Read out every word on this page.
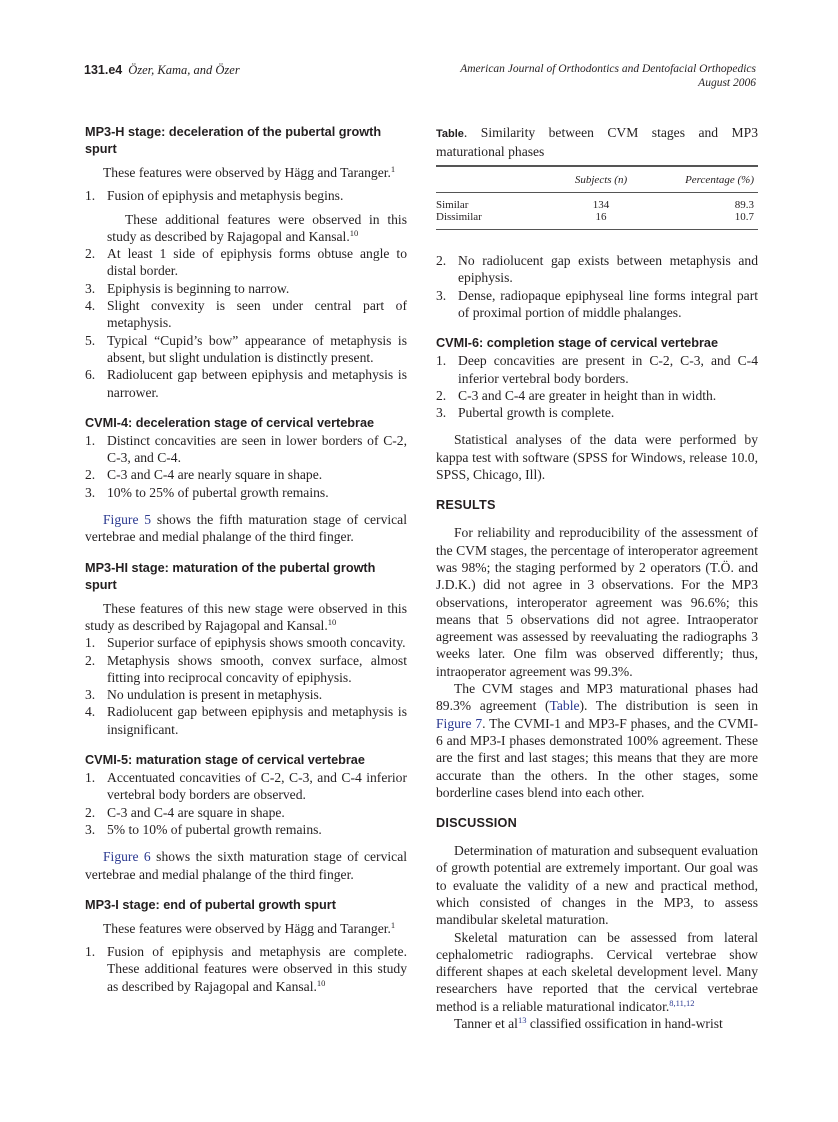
131.e4 Özer, Kama, and Özer	American Journal of Orthodontics and Dentofacial Orthopedics
August 2006
MP3-H stage: deceleration of the pubertal growth spurt

These features were observed by Hägg and Taranger.$^1$

1. Fusion of epiphysis and metaphysis begins.

These additional features were observed in this study as described by Rajagopal and Kansal.$^{10}$

2. At least 1 side of epiphysis forms obtuse angle to distal border.
3. Epiphysis is beginning to narrow.
4. Slight convexity is seen under central part of metaphysis.
5. Typical “Cupid’s bow” appearance of metaphysis is absent, but slight undulation is distinctly present.
6. Radiolucent gap between epiphysis and metaphysis is narrower.
CVMI-4: deceleration stage of cervical vertebrae
1. Distinct concavities are seen in lower borders of C-2, C-3, and C-4.
2. C-3 and C-4 are nearly square in shape.
3. 10% to 25% of pubertal growth remains.

Figure 5 shows the fifth maturation stage of cervical vertebrae and medial phalange of the third finger.

MP3-HI stage: maturation of the pubertal growth spurt

These features of this new stage were observed in this study as described by Rajagopal and Kansal.$^{10}$

1. Superior surface of epiphysis shows smooth concavity.
2. Metaphysis shows smooth, convex surface, almost fitting into reciprocal concavity of epiphysis.
3. No undulation is present in metaphysis.
4. Radiolucent gap between epiphysis and metaphysis is insignificant.
CVMI-5: maturation stage of cervical vertebrae
1. Accentuated concavities of C-2, C-3, and C-4 inferior vertebral body borders are observed.
2. C-3 and C-4 are square in shape.
3. 5% to 10% of pubertal growth remains.

Figure 6 shows the sixth maturation stage of cervical vertebrae and medial phalange of the third finger.

MP3-I stage: end of pubertal growth spurt

These features were observed by Hägg and Taranger.$^1$

1. Fusion of epiphysis and metaphysis are complete. These additional features were observed in this study as described by Rajagopal and Kansal.$^{10}$

Table. Similarity between CVM stages and MP3 maturational phases

	Subjects (n)	Percentage (%)
Similar	134	89.3
Dissimilar	16	10.7
2. No radiolucent gap exists between metaphysis and epiphysis.
3. Dense, radiopaque epiphyseal line forms integral part of proximal portion of middle phalanges.
CVMI-6: completion stage of cervical vertebrae
1. Deep concavities are present in C-2, C-3, and C-4 inferior vertebral body borders.
2. C-3 and C-4 are greater in height than in width.
3. Pubertal growth is complete.

Statistical analyses of the data were performed by kappa test with software (SPSS for Windows, release 10.0, SPSS, Chicago, Ill).

RESULTS

For reliability and reproducibility of the assessment of the CVM stages, the percentage of interoperator agreement was 98%; the staging performed by 2 operators (T.Ö. and J.D.K.) did not agree in 3 observations. For the MP3 observations, interoperator agreement was 96.6%; this means that 5 observations did not agree. Intraoperator agreement was assessed by reevaluating the radiographs 3 weeks later. One film was observed differently; thus, intraoperator agreement was 99.3%.

The CVM stages and MP3 maturational phases had 89.3% agreement (Table). The distribution is seen in Figure 7. The CVMI-1 and MP3-F phases, and the CVMI-6 and MP3-I phases demonstrated 100% agreement. These are the first and last stages; this means that they are more accurate than the others. In the other stages, some borderline cases blend into each other.

DISCUSSION

Determination of maturation and subsequent evaluation of growth potential are extremely important. Our goal was to evaluate the validity of a new and practical method, which consisted of changes in the MP3, to assess mandibular skeletal maturation.

Skeletal maturation can be assessed from lateral cephalometric radiographs. Cervical vertebrae show different shapes at each skeletal development level. Many researchers have reported that the cervical vertebrae method is a reliable maturational indicator.$^{8,11,12}$

Tanner et $al^{13}$ classified ossification in hand-wrist
